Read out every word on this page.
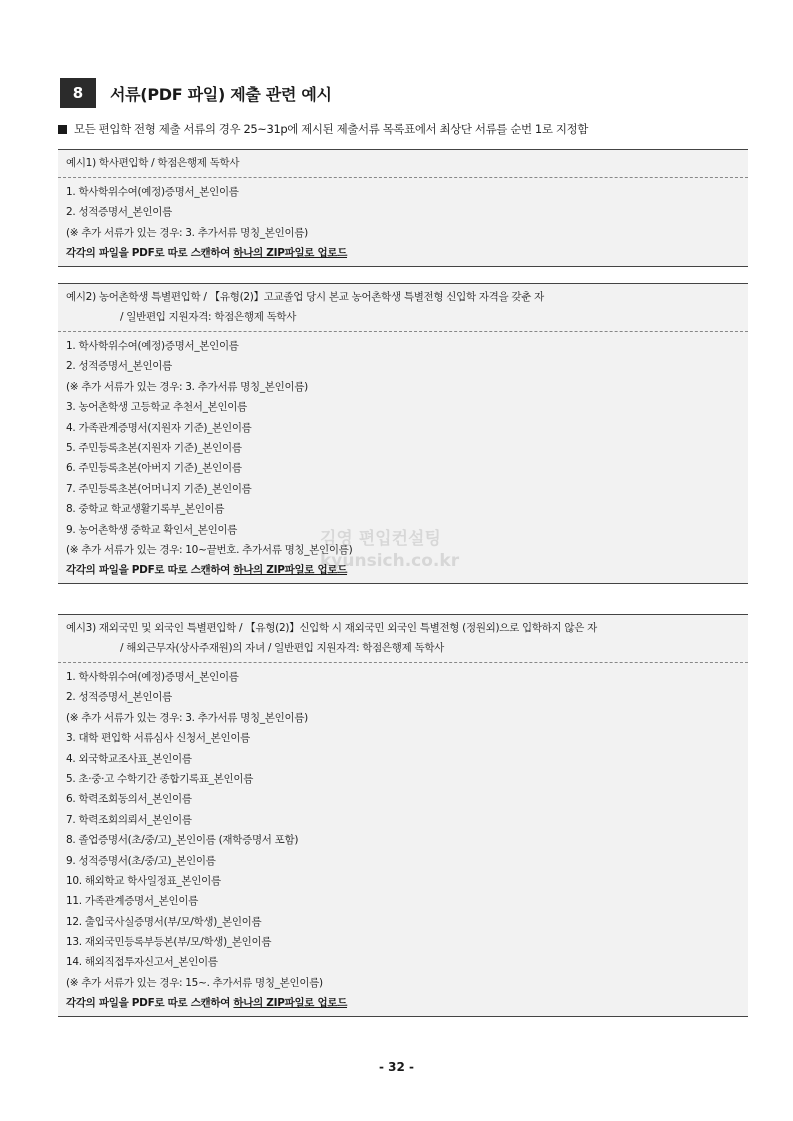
8	서류(PDF 파일) 제출 관련 예시
모든 편입학 전형 제출 서류의 경우 25~31p에 제시된 제출서류 목록표에서 최상단 서류를 순번 1로 지정함
예시1) 학사편입학 / 학점은행제 독학사
1. 학사학위수여(예정)증명서_본인이름
2. 성적증명서_본인이름
(※ 추가 서류가 있는 경우: 3. 추가서류 명칭_본인이름)
각각의 파일을 PDF로 따로 스캔하여 하나의 ZIP파일로 업로드
예시2) 농어촌학생 특별편입학 / 【유형(2)】고교졸업 당시 본교 농어촌학생 특별전형 신입학 자격을 갖춘 자
/ 일반편입 지원자격: 학점은행제 독학사
1. 학사학위수여(예정)증명서_본인이름
2. 성적증명서_본인이름
(※ 추가 서류가 있는 경우: 3. 추가서류 명칭_본인이름)
3. 농어촌학생 고등학교 추천서_본인이름
4. 가족관계증명서(지원자 기준)_본인이름
5. 주민등록초본(지원자 기준)_본인이름
6. 주민등록초본(아버지 기준)_본인이름
7. 주민등록초본(어머니지 기준)_본인이름
8. 중학교 학교생활기록부_본인이름
9. 농어촌학생 중학교 확인서_본인이름
(※ 추가 서류가 있는 경우: 10~끝번호. 추가서류 명칭_본인이름)
각각의 파일을 PDF로 따로 스캔하여 하나의 ZIP파일로 업로드
예시3) 재외국민 및 외국인 특별편입학 / 【유형(2)】신입학 시 재외국민 외국인 특별전형 (정원외)으로 입학하지 않은 자
/ 해외근무자(상사주재원)의 자녀 / 일반편입 지원자격: 학점은행제 독학사
1. 학사학위수여(예정)증명서_본인이름
2. 성적증명서_본인이름
(※ 추가 서류가 있는 경우: 3. 추가서류 명칭_본인이름)
3. 대학 편입학 서류심사 신청서_본인이름
4. 외국학교조사표_본인이름
5. 초·중·고 수학기간 종합기록표_본인이름
6. 학력조회동의서_본인이름
7. 학력조회의뢰서_본인이름
8. 졸업증명서(초/중/고)_본인이름 (재학증명서 포함)
9. 성적증명서(초/중/고)_본인이름
10. 해외학교 학사일정표_본인이름
11. 가족관계증명서_본인이름
12. 출입국사실증명서(부/모/학생)_본인이름
13. 재외국민등록부등본(부/모/학생)_본인이름
14. 해외직접투자신고서_본인이름
(※ 추가 서류가 있는 경우: 15~. 추가서류 명칭_본인이름)
각각의 파일을 PDF로 따로 스캔하여 하나의 ZIP파일로 업로드
김영 편입컨설팅
kyunsich.co.kr
- 32 -
